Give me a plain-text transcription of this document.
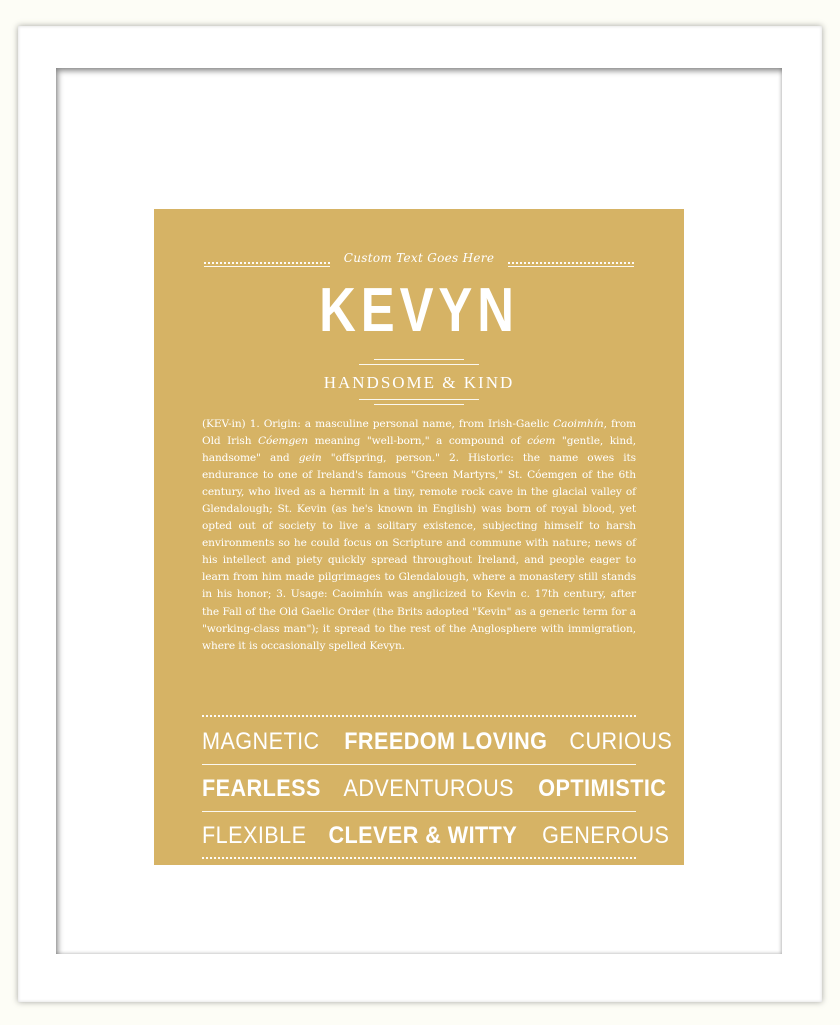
Custom Text Goes Here
KEVYN
HANDSOME & KIND
(KEV-in) 1. Origin: a masculine personal name, from Irish-Gaelic Caoimhín, from Old Irish Cóemgen meaning "well-born," a compound of cóem "gentle, kind, handsome" and gein "offspring, person." 2. Historic: the name owes its endurance to one of Ireland's famous "Green Martyrs," St. Cóemgen of the 6th century, who lived as a hermit in a tiny, remote rock cave in the glacial valley of Glendalough; St. Kevin (as he's known in English) was born of royal blood, yet opted out of society to live a solitary existence, subjecting himself to harsh environments so he could focus on Scripture and commune with nature; news of his intellect and piety quickly spread throughout Ireland, and people eager to learn from him made pilgrimages to Glendalough, where a monastery still stands in his honor; 3. Usage: Caoimhín was anglicized to Kevin c. 17th century, after the Fall of the Old Gaelic Order (the Brits adopted "Kevin" as a generic term for a "working-class man"); it spread to the rest of the Anglosphere with immigration, where it is occasionally spelled Kevyn.
MAGNETIC FREEDOM LOVING CURIOUS
FEARLESS ADVENTUROUS OPTIMISTIC
FLEXIBLE CLEVER & WITTY GENEROUS
